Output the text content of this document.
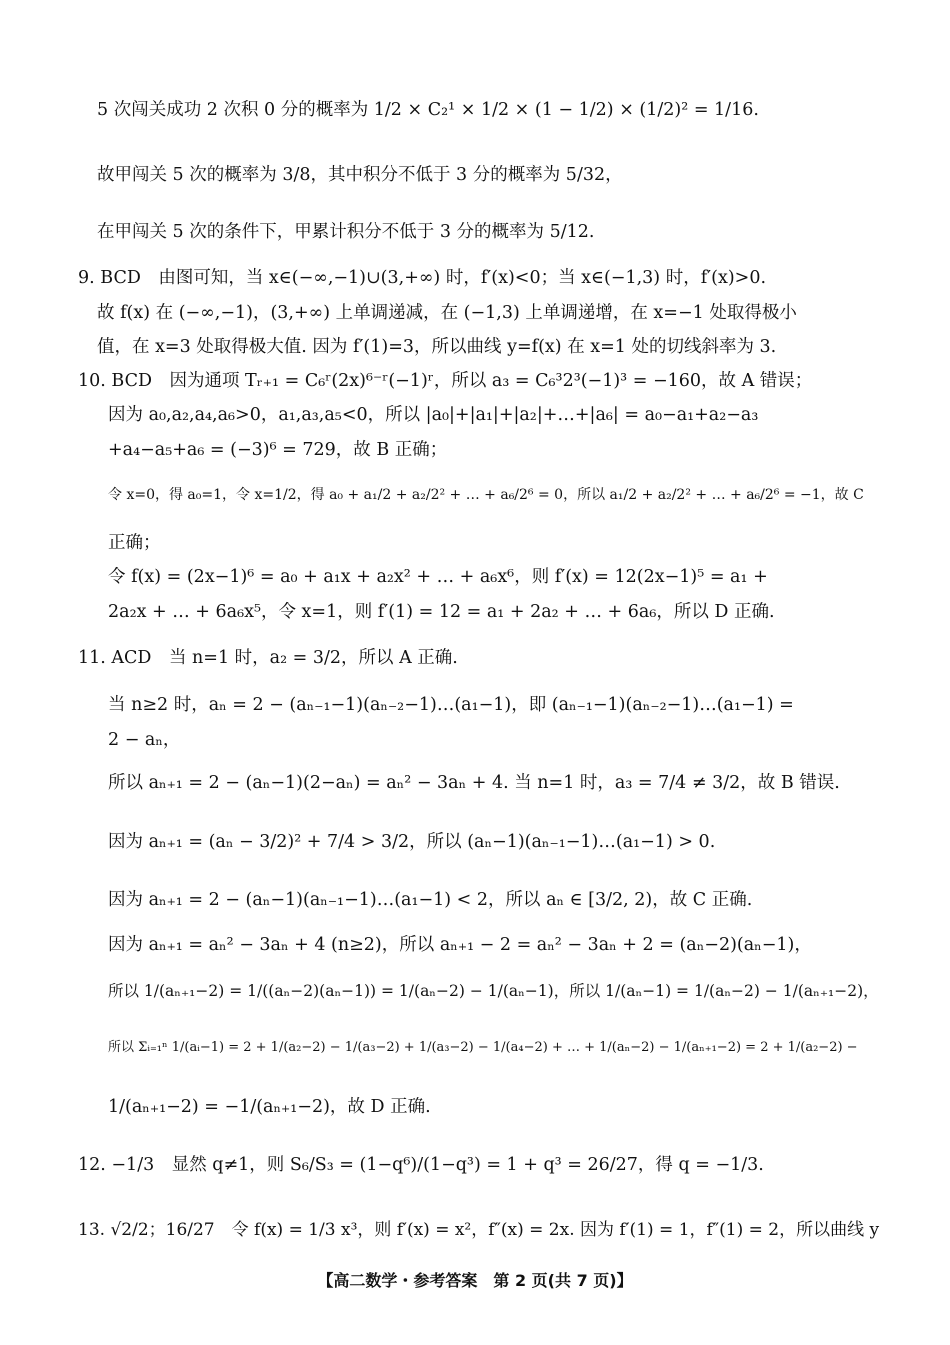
5 次闯关成功 2 次积 0 分的概率为 1/2 × C₂¹ × 1/2 × (1 − 1/2) × (1/2)² = 1/16.
故甲闯关 5 次的概率为 3/8，其中积分不低于 3 分的概率为 5/32，
在甲闯关 5 次的条件下，甲累计积分不低于 3 分的概率为 5/12.
9. BCD　由图可知，当 x∈(−∞,−1)∪(3,+∞) 时，f′(x)<0；当 x∈(−1,3) 时，f′(x)>0.
故 f(x) 在 (−∞,−1)，(3,+∞) 上单调递减，在 (−1,3) 上单调递增，在 x=−1 处取得极小
值，在 x=3 处取得极大值. 因为 f′(1)=3，所以曲线 y=f(x) 在 x=1 处的切线斜率为 3.
10. BCD　因为通项 Tᵣ₊₁ = C₆ʳ(2x)⁶⁻ʳ(−1)ʳ，所以 a₃ = C₆³2³(−1)³ = −160，故 A 错误；
因为 a₀,a₂,a₄,a₆>0，a₁,a₃,a₅<0，所以 |a₀|+|a₁|+|a₂|+…+|a₆| = a₀−a₁+a₂−a₃
+a₄−a₅+a₆ = (−3)⁶ = 729，故 B 正确；
令 x=0，得 a₀=1，令 x=1/2，得 a₀ + a₁/2 + a₂/2² + … + a₆/2⁶ = 0，所以 a₁/2 + a₂/2² + … + a₆/2⁶ = −1，故 C
正确；
令 f(x) = (2x−1)⁶ = a₀ + a₁x + a₂x² + … + a₆x⁶，则 f′(x) = 12(2x−1)⁵ = a₁ +
2a₂x + … + 6a₆x⁵，令 x=1，则 f′(1) = 12 = a₁ + 2a₂ + … + 6a₆，所以 D 正确.
11. ACD　当 n=1 时，a₂ = 3/2，所以 A 正确.
当 n≥2 时，aₙ = 2 − (aₙ₋₁−1)(aₙ₋₂−1)…(a₁−1)，即 (aₙ₋₁−1)(aₙ₋₂−1)…(a₁−1) =
2 − aₙ，
所以 aₙ₊₁ = 2 − (aₙ−1)(2−aₙ) = aₙ² − 3aₙ + 4. 当 n=1 时，a₃ = 7/4 ≠ 3/2，故 B 错误.
因为 aₙ₊₁ = (aₙ − 3/2)² + 7/4 > 3/2，所以 (aₙ−1)(aₙ₋₁−1)…(a₁−1) > 0.
因为 aₙ₊₁ = 2 − (aₙ−1)(aₙ₋₁−1)…(a₁−1) < 2，所以 aₙ ∈ [3/2, 2)，故 C 正确.
因为 aₙ₊₁ = aₙ² − 3aₙ + 4 (n≥2)，所以 aₙ₊₁ − 2 = aₙ² − 3aₙ + 2 = (aₙ−2)(aₙ−1)，
所以 1/(aₙ₊₁−2) = 1/((aₙ−2)(aₙ−1)) = 1/(aₙ−2) − 1/(aₙ−1)，所以 1/(aₙ−1) = 1/(aₙ−2) − 1/(aₙ₊₁−2)，
所以 Σᵢ₌₁ⁿ 1/(aᵢ−1) = 2 + 1/(a₂−2) − 1/(a₃−2) + 1/(a₃−2) − 1/(a₄−2) + … + 1/(aₙ−2) − 1/(aₙ₊₁−2) = 2 + 1/(a₂−2) −
1/(aₙ₊₁−2) = −1/(aₙ₊₁−2)，故 D 正确.
12. −1/3　显然 q≠1，则 S₆/S₃ = (1−q⁶)/(1−q³) = 1 + q³ = 26/27，得 q = −1/3.
13. √2/2；16/27　令 f(x) = 1/3 x³，则 f′(x) = x²，f″(x) = 2x. 因为 f′(1) = 1，f″(1) = 2，所以曲线 y
【高二数学・参考答案　第 2 页(共 7 页)】
